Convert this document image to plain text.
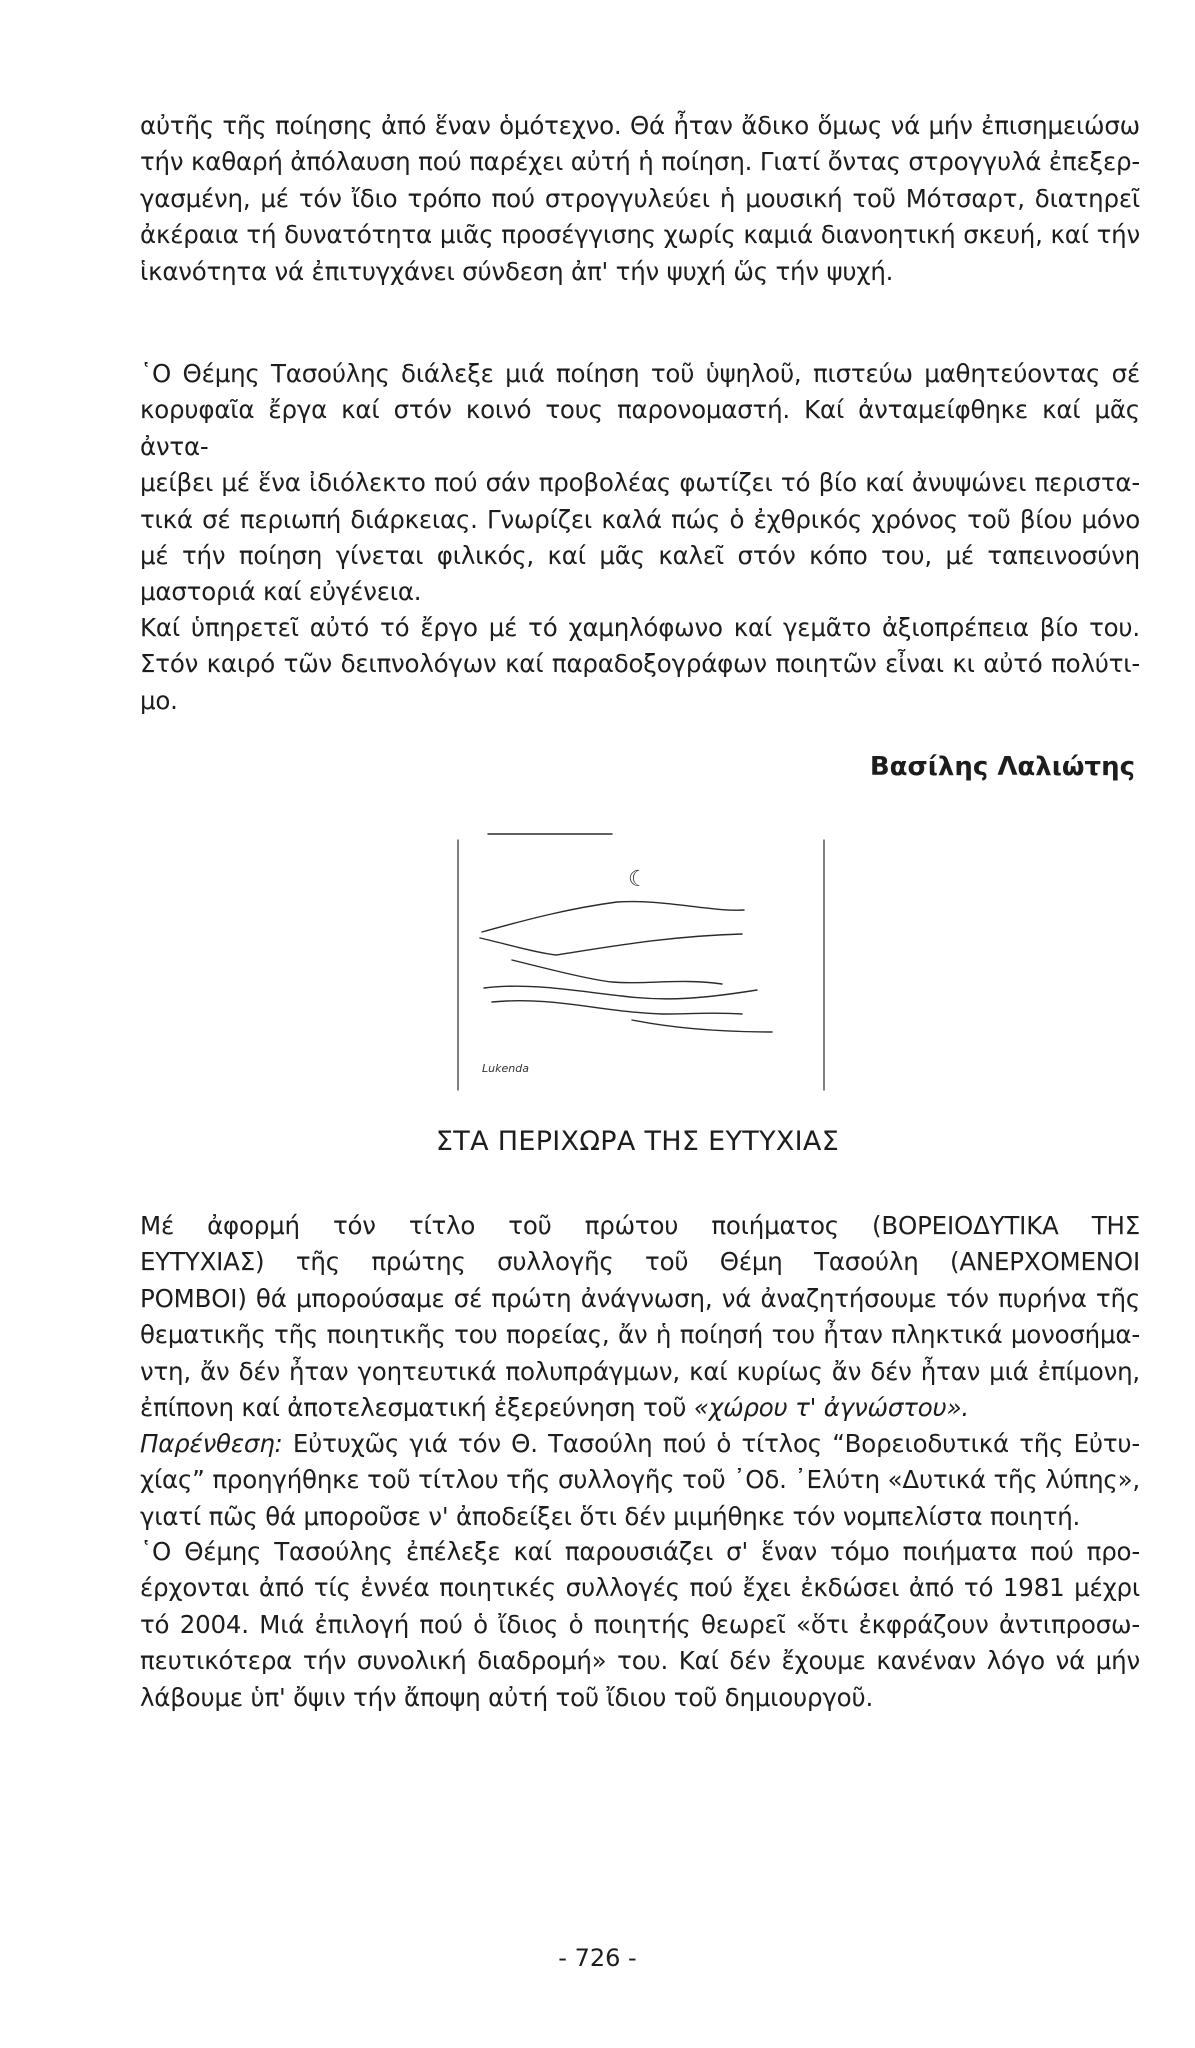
αὐτῆς τῆς ποίησης ἀπό ἕναν ὁμότεχνο. Θά ἦταν ἄδικο ὅμως νά μήν ἐπισημειώσω
τήν καθαρή ἀπόλαυση πού παρέχει αὐτή ἡ ποίηση. Γιατί ὄντας στρογγυλά ἐπεξερ-
γασμένη, μέ τόν ἴδιο τρόπο πού στρογγυλεύει ἡ μουσική τοῦ Μότσαρτ, διατηρεῖ
ἀκέραια τή δυνατότητα μιᾶς προσέγγισης χωρίς καμιά διανοητική σκευή, καί τήν
ἱκανότητα νά ἐπιτυγχάνει σύνδεση ἀπ' τήν ψυχή ὥς τήν ψυχή.

῾Ο Θέμης Τασούλης διάλεξε μιά ποίηση τοῦ ὑψηλοῦ, πιστεύω μαθητεύοντας σέ
κορυφαῖα ἔργα καί στόν κοινό τους παρονομαστή. Καί ἀνταμείφθηκε καί μᾶς ἀντα-
μείβει μέ ἕνα ἰδιόλεκτο πού σάν προβολέας φωτίζει τό βίο καί ἀνυψώνει περιστα-
τικά σέ περιωπή διάρκειας. Γνωρίζει καλά πώς ὁ ἐχθρικός χρόνος τοῦ βίου μόνο
μέ τήν ποίηση γίνεται φιλικός, καί μᾶς καλεῖ στόν κόπο του, μέ ταπεινοσύνη
μαστοριά καί εὐγένεια.

Καί ὑπηρετεῖ αὐτό τό ἔργο μέ τό χαμηλόφωνο καί γεμᾶτο ἀξιοπρέπεια βίο του.
Στόν καιρό τῶν δειπνολόγων καί παραδοξογράφων ποιητῶν εἶναι κι αὐτό πολύτι-
μο.

Βασίλης Λαλιώτης

☾
Lukenda

ΣΤΑ ΠΕΡΙΧΩΡΑ ΤΗΣ ΕΥΤΥΧΙΑΣ

Μέ ἀφορμή τόν τίτλο τοῦ πρώτου ποιήματος (ΒΟΡΕΙΟΔΥΤΙΚΑ ΤΗΣ
ΕΥΤΥΧΙΑΣ) τῆς πρώτης συλλογῆς τοῦ Θέμη Τασούλη (ΑΝΕΡΧΟΜΕΝΟΙ
ΡΟΜΒΟΙ) θά μπορούσαμε σέ πρώτη ἀνάγνωση, νά ἀναζητήσουμε τόν πυρήνα τῆς
θεματικῆς τῆς ποιητικῆς του πορείας, ἄν ἡ ποίησή του ἦταν πληκτικά μονοσήμα-
ντη, ἄν δέν ἦταν γοητευτικά πολυπράγμων, καί κυρίως ἄν δέν ἦταν μιά ἐπίμονη,
ἐπίπονη καί ἀποτελεσματική ἐξερεύνηση τοῦ «χώρου τ' ἀγνώστου».

Παρένθεση: Εὐτυχῶς γιά τόν Θ. Τασούλη πού ὁ τίτλος “Βορειοδυτικά τῆς Εὐτυ-
χίας” προηγήθηκε τοῦ τίτλου τῆς συλλογῆς τοῦ ᾿Οδ. ᾿Ελύτη «Δυτικά τῆς λύπης»,
γιατί πῶς θά μποροῦσε ν' ἀποδείξει ὅτι δέν μιμήθηκε τόν νομπελίστα ποιητή.

῾Ο Θέμης Τασούλης ἐπέλεξε καί παρουσιάζει σ' ἕναν τόμο ποιήματα πού προ-
έρχονται ἀπό τίς ἐννέα ποιητικές συλλογές πού ἔχει ἐκδώσει ἀπό τό 1981 μέχρι
τό 2004. Μιά ἐπιλογή πού ὁ ἴδιος ὁ ποιητής θεωρεῖ «ὅτι ἐκφράζουν ἀντιπροσω-
πευτικότερα τήν συνολική διαδρομή» του. Καί δέν ἔχουμε κανέναν λόγο νά μήν
λάβουμε ὑπ' ὄψιν τήν ἄποψη αὐτή τοῦ ἴδιου τοῦ δημιουργοῦ.

- 726 -
